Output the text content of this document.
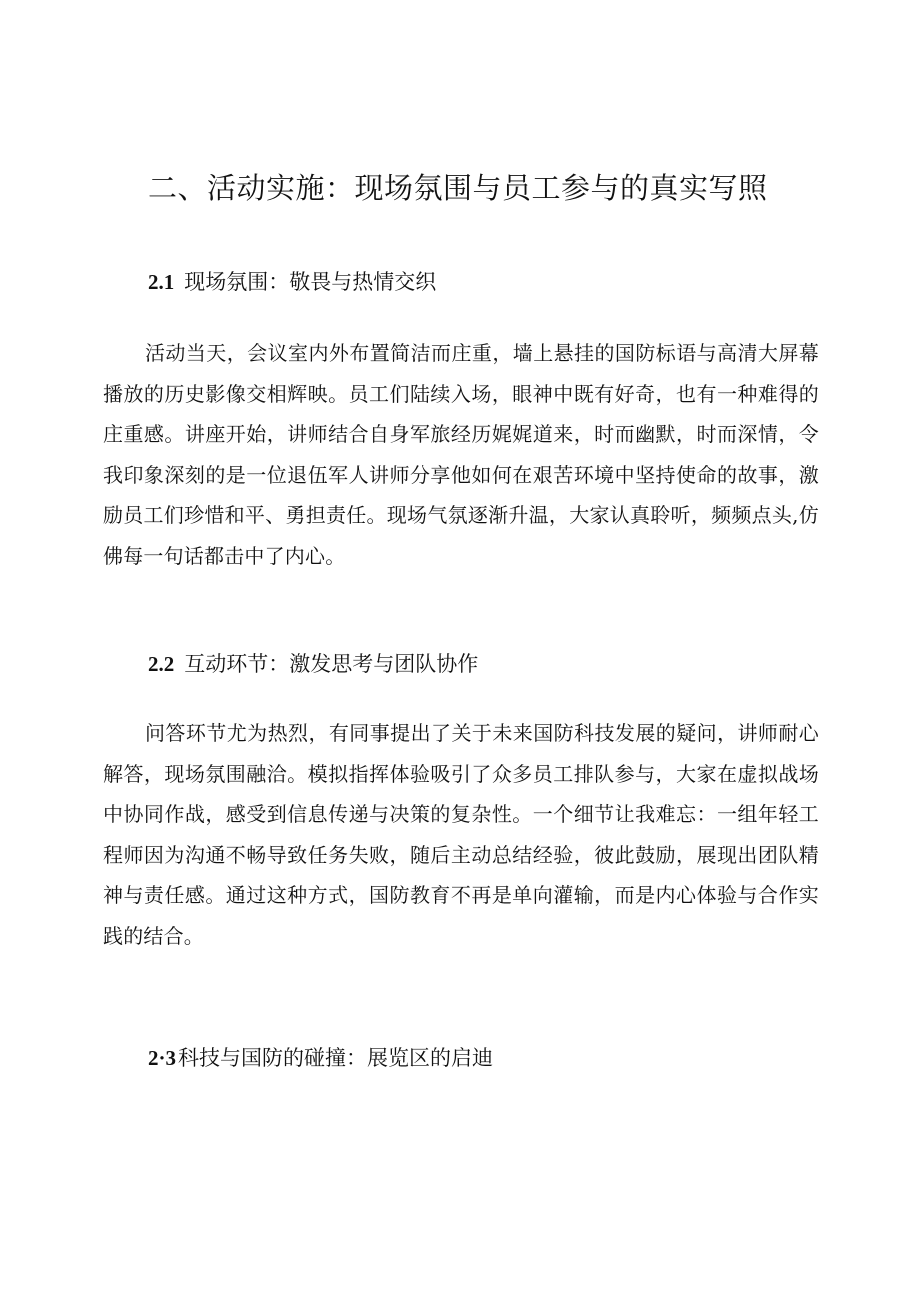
二、活动实施：现场氛围与员工参与的真实写照
2.1 现场氛围：敬畏与热情交织

活动当天，会议室内外布置简洁而庄重，墙上悬挂的国防标语与高清大屏幕播放的历史影像交相辉映。员工们陆续入场，眼神中既有好奇，也有一种难得的庄重感。讲座开始，讲师结合自身军旅经历娓娓道来，时而幽默，时而深情，令我印象深刻的是一位退伍军人讲师分享他如何在艰苦环境中坚持使命的故事，激励员工们珍惜和平、勇担责任。现场气氛逐渐升温，大家认真聆听，频频点头,仿佛每一句话都击中了内心。

2.2 互动环节：激发思考与团队协作

问答环节尤为热烈，有同事提出了关于未来国防科技发展的疑问，讲师耐心解答，现场氛围融洽。模拟指挥体验吸引了众多员工排队参与，大家在虚拟战场中协同作战，感受到信息传递与决策的复杂性。一个细节让我难忘：一组年轻工程师因为沟通不畅导致任务失败，随后主动总结经验，彼此鼓励，展现出团队精神与责任感。通过这种方式，国防教育不再是单向灌输，而是内心体验与合作实践的结合。

2·3科技与国防的碰撞：展览区的启迪
